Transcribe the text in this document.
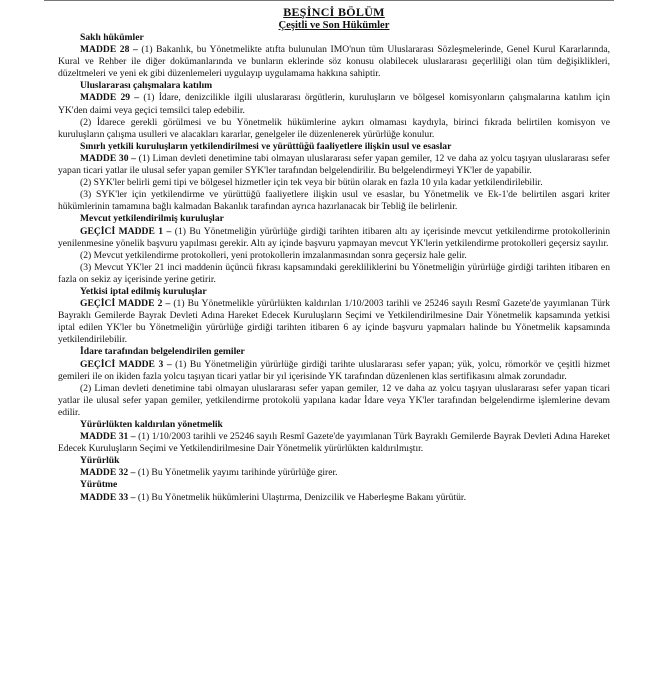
BEŞİNCİ BÖLÜM
Çeşitli ve Son Hükümler
Saklı hükümler
MADDE 28 – (1) Bakanlık, bu Yönetmelikte atıfta bulunulan IMO'nun tüm Uluslararası Sözleşmelerinde, Genel Kurul Kararlarında, Kural ve Rehber ile diğer dokümanlarında ve bunların eklerinde söz konusu olabilecek uluslararası geçerliliği olan tüm değişiklikleri, düzeltmeleri ve yeni ek gibi düzenlemeleri uygulayıp uygulamama hakkına sahiptir.
Uluslararası çalışmalara katılım
MADDE 29 – (1) İdare, denizcilikle ilgili uluslararası örgütlerin, kuruluşların ve bölgesel komisyonların çalışmalarına katılım için YK'den daimi veya geçici temsilci talep edebilir.
(2) İdarece gerekli görülmesi ve bu Yönetmelik hükümlerine aykırı olmaması kaydıyla, birinci fıkrada belirtilen komisyon ve kuruluşların çalışma usulleri ve alacakları kararlar, genelgeler ile düzenlenerek yürürlüğe konulur.
Sınırlı yetkili kuruluşların yetkilendirilmesi ve yürüttüğü faaliyetlere ilişkin usul ve esaslar
MADDE 30 – (1) Liman devleti denetimine tabi olmayan uluslararası sefer yapan gemiler, 12 ve daha az yolcu taşıyan uluslararası sefer yapan ticari yatlar ile ulusal sefer yapan gemiler SYK'ler tarafından belgelendirilir. Bu belgelendirmeyi YK'ler de yapabilir.
(2) SYK'ler belirli gemi tipi ve bölgesel hizmetler için tek veya bir bütün olarak en fazla 10 yıla kadar yetkilendirilebilir.
(3) SYK'ler için yetkilendirme ve yürüttüğü faaliyetlere ilişkin usul ve esaslar, bu Yönetmelik ve Ek-1'de belirtilen asgari kriter hükümlerinin tamamına bağlı kalmadan Bakanlık tarafından ayrıca hazırlanacak bir Tebliğ ile belirlenir.
Mevcut yetkilendirilmiş kuruluşlar
GEÇİCİ MADDE 1 – (1) Bu Yönetmeliğin yürürlüğe girdiği tarihten itibaren altı ay içerisinde mevcut yetkilendirme protokollerinin yenilenmesine yönelik başvuru yapılması gerekir. Altı ay içinde başvuru yapmayan mevcut YK'lerin yetkilendirme protokolleri geçersiz sayılır.
(2) Mevcut yetkilendirme protokolleri, yeni protokollerin imzalanmasından sonra geçersiz hale gelir.
(3) Mevcut YK'ler 21 inci maddenin üçüncü fıkrası kapsamındaki gerekliliklerini bu Yönetmeliğin yürürlüğe girdiği tarihten itibaren en fazla on sekiz ay içerisinde yerine getirir.
Yetkisi iptal edilmiş kuruluşlar
GEÇİCİ MADDE 2 – (1) Bu Yönetmelikle yürürlükten kaldırılan 1/10/2003 tarihli ve 25246 sayılı Resmî Gazete'de yayımlanan Türk Bayraklı Gemilerde Bayrak Devleti Adına Hareket Edecek Kuruluşların Seçimi ve Yetkilendirilmesine Dair Yönetmelik kapsamında yetkisi iptal edilen YK'ler bu Yönetmeliğin yürürlüğe girdiği tarihten itibaren 6 ay içinde başvuru yapmaları halinde bu Yönetmelik kapsamında yetkilendirilebilir.
İdare tarafından belgelendirilen gemiler
GEÇİCİ MADDE 3 – (1) Bu Yönetmeliğin yürürlüğe girdiği tarihte uluslararası sefer yapan; yük, yolcu, römorkör ve çeşitli hizmet gemileri ile on ikiden fazla yolcu taşıyan ticari yatlar bir yıl içerisinde YK tarafından düzenlenen klas sertifikasını almak zorundadır.
(2) Liman devleti denetimine tabi olmayan uluslararası sefer yapan gemiler, 12 ve daha az yolcu taşıyan uluslararası sefer yapan ticari yatlar ile ulusal sefer yapan gemiler, yetkilendirme protokolü yapılana kadar İdare veya YK'ler tarafından belgelendirme işlemlerine devam edilir.
Yürürlükten kaldırılan yönetmelik
MADDE 31 – (1) 1/10/2003 tarihli ve 25246 sayılı Resmî Gazete'de yayımlanan Türk Bayraklı Gemilerde Bayrak Devleti Adına Hareket Edecek Kuruluşların Seçimi ve Yetkilendirilmesine Dair Yönetmelik yürürlükten kaldırılmıştır.
Yürürlük
MADDE 32 – (1) Bu Yönetmelik yayımı tarihinde yürürlüğe girer.
Yürütme
MADDE 33 – (1) Bu Yönetmelik hükümlerini Ulaştırma, Denizcilik ve Haberleşme Bakanı yürütür.
